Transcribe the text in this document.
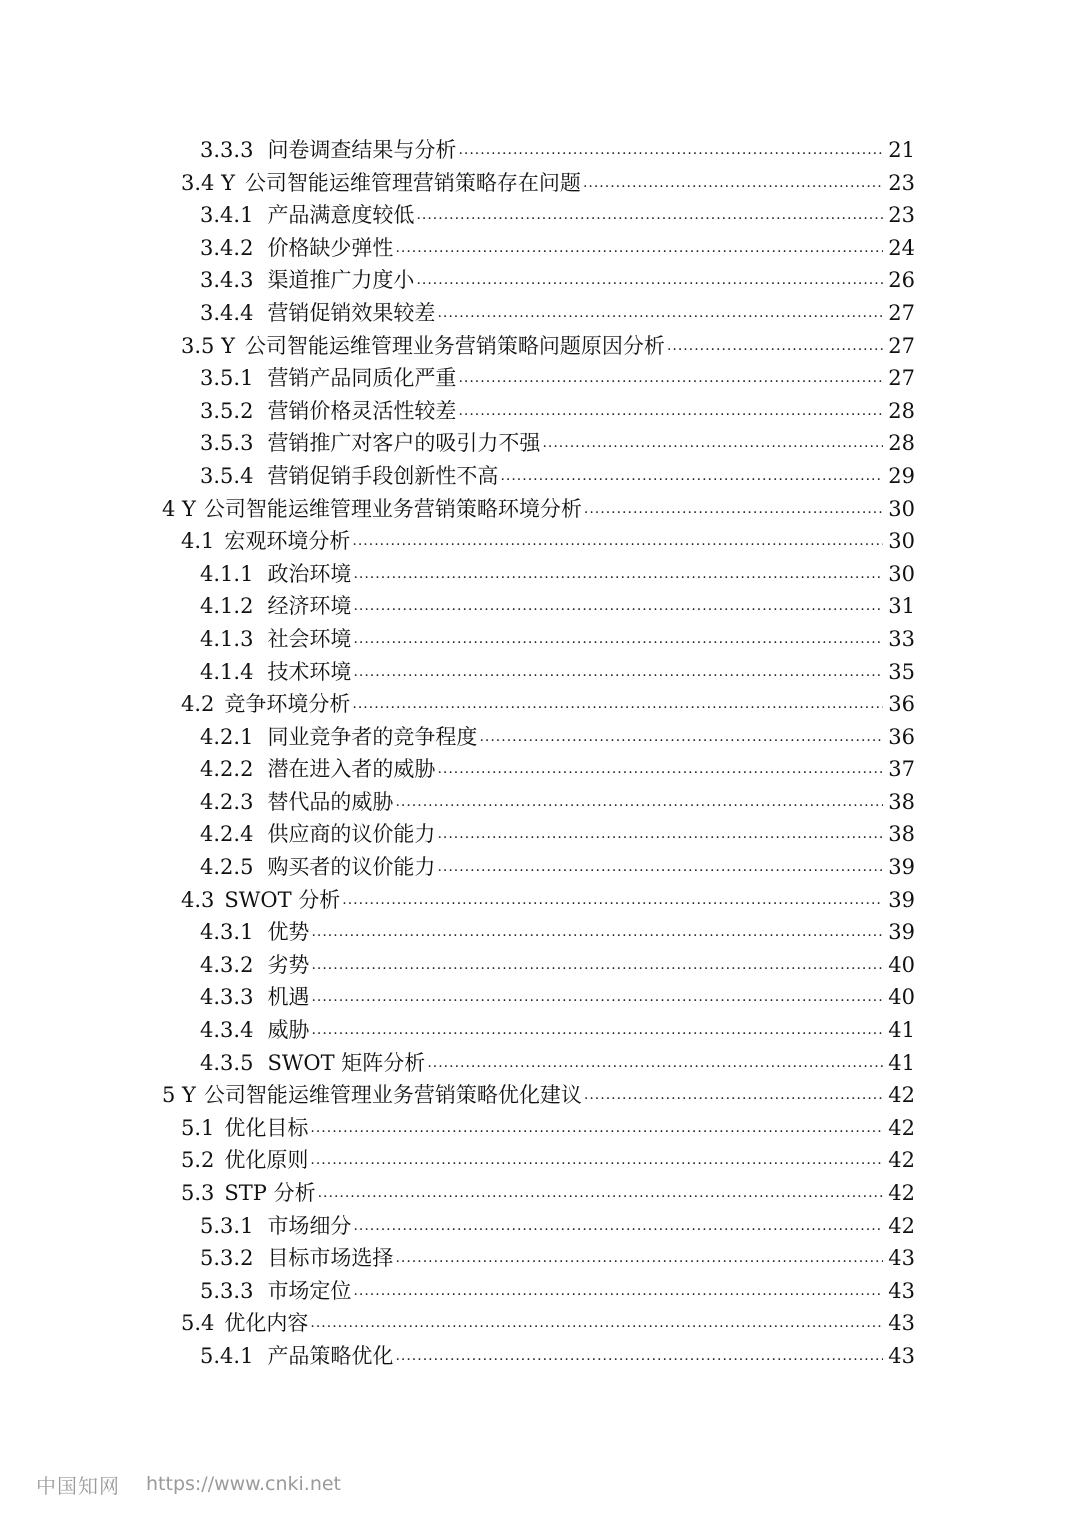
3.3.3 问卷调查结果与分析 .....	21
3.4 Y 公司智能运维管理营销策略存在问题 .....	23
3.4.1 产品满意度较低 .....	23
3.4.2 价格缺少弹性 .....	24
3.4.3 渠道推广力度小 .....	26
3.4.4 营销促销效果较差 .....	27
3.5 Y 公司智能运维管理业务营销策略问题原因分析 .....	27
3.5.1 营销产品同质化严重 .....	27
3.5.2 营销价格灵活性较差 .....	28
3.5.3 营销推广对客户的吸引力不强 .....	28
3.5.4 营销促销手段创新性不高 .....	29
4 Y 公司智能运维管理业务营销策略环境分析 .....	30
4.1 宏观环境分析 .....	30
4.1.1 政治环境 .....	30
4.1.2 经济环境 .....	31
4.1.3 社会环境 .....	33
4.1.4 技术环境 .....	35
4.2 竞争环境分析 .....	36
4.2.1 同业竞争者的竞争程度 .....	36
4.2.2 潜在进入者的威胁 .....	37
4.2.3 替代品的威胁 .....	38
4.2.4 供应商的议价能力 .....	38
4.2.5 购买者的议价能力 .....	39
4.3 SWOT 分析 .....	39
4.3.1 优势 .....	39
4.3.2 劣势 .....	40
4.3.3 机遇 .....	40
4.3.4 威胁 .....	41
4.3.5 SWOT 矩阵分析 .....	41
5 Y 公司智能运维管理业务营销策略优化建议 .....	42
5.1 优化目标 .....	42
5.2 优化原则 .....	42
5.3 STP 分析 .....	42
5.3.1 市场细分 .....	42
5.3.2 目标市场选择 .....	43
5.3.3 市场定位 .....	43
5.4 优化内容 .....	43
5.4.1 产品策略优化 .....	43
中国知网 https://www.cnki.net
